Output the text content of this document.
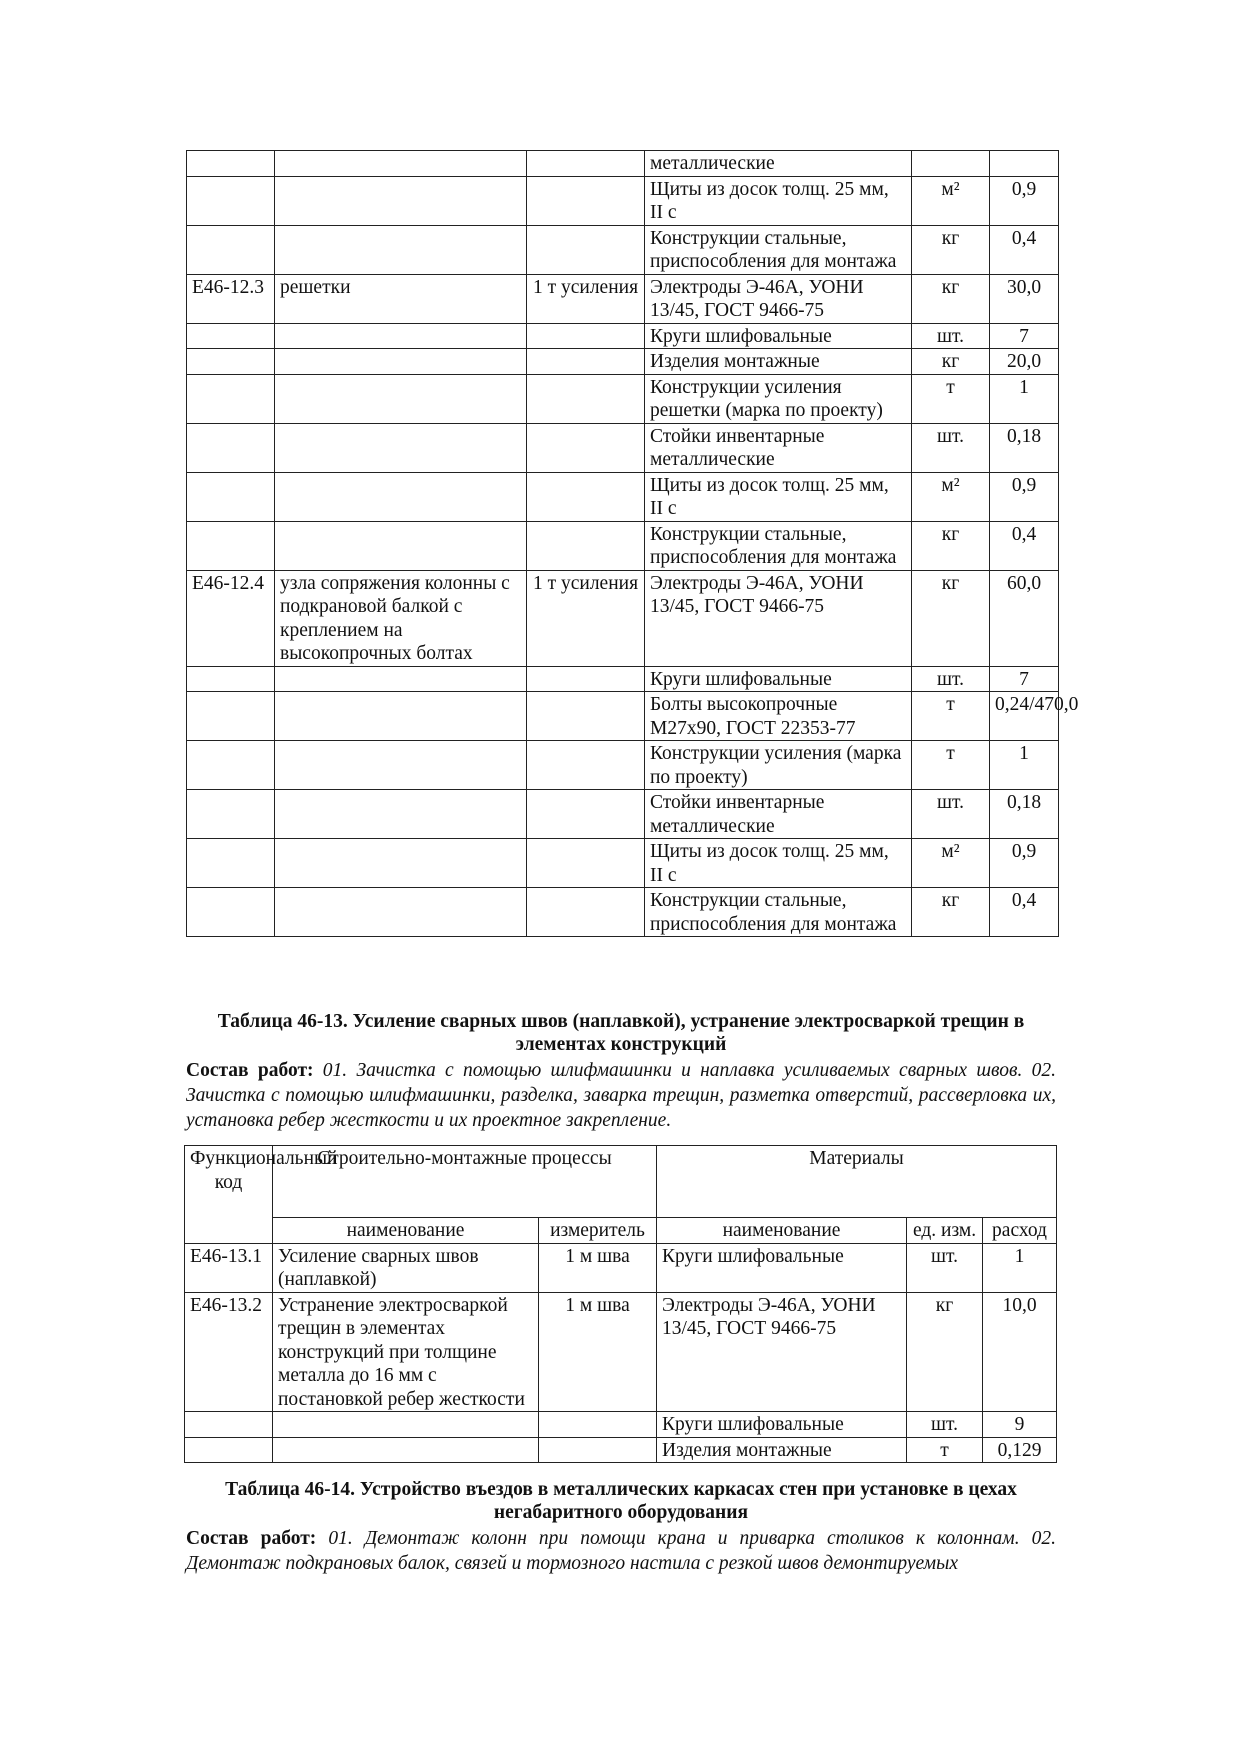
			металлические		
			Щиты из досок толщ. 25 мм, II с	м²	0,9
			Конструкции стальные, приспособления для монтажа	кг	0,4
Е46-12.3	решетки	1 т усиления	Электроды Э-46А, УОНИ 13/45, ГОСТ 9466-75	кг	30,0
			Круги шлифовальные	шт.	7
			Изделия монтажные	кг	20,0
			Конструкции усиления решетки (марка по проекту)	т	1
			Стойки инвентарные металлические	шт.	0,18
			Щиты из досок толщ. 25 мм, II с	м²	0,9
			Конструкции стальные, приспособления для монтажа	кг	0,4
Е46-12.4	узла сопряжения колонны с подкрановой балкой с креплением на высокопрочных болтах	1 т усиления	Электроды Э-46А, УОНИ 13/45, ГОСТ 9466-75	кг	60,0
			Круги шлифовальные	шт.	7
			Болты высокопрочные М27х90, ГОСТ 22353-77	т	0,24/470,0
			Конструкции усиления (марка по проекту)	т	1
			Стойки инвентарные металлические	шт.	0,18
			Щиты из досок толщ. 25 мм, II с	м²	0,9
			Конструкции стальные, приспособления для монтажа	кг	0,4
Таблица 46-13. Усиление сварных швов (наплавкой), устранение электросваркой трещин в элементах конструкций
Состав работ: 01. Зачистка с помощью шлифмашинки и наплавка усиливаемых сварных швов. 02. Зачистка с помощью шлифмашинки, разделка, заварка трещин, разметка отверстий, рассверловка их, установка ребер жесткости и их проектное закрепление.
Функциональный код	Строительно-монтажные процессы		Материалы		
	наименование	измеритель	наименование	ед. изм.	расход
Е46-13.1	Усиление сварных швов (наплавкой)	1 м шва	Круги шлифовальные	шт.	1
Е46-13.2	Устранение электросваркой трещин в элементах конструкций при толщине металла до 16 мм с постановкой ребер жесткости	1 м шва	Электроды Э-46А, УОНИ 13/45, ГОСТ 9466-75	кг	10,0
			Круги шлифовальные	шт.	9
			Изделия монтажные	т	0,129
Таблица 46-14. Устройство въездов в металлических каркасах стен при установке в цехах негабаритного оборудования
Состав работ: 01. Демонтаж колонн при помощи крана и приварка столиков к колоннам. 02. Демонтаж подкрановых балок, связей и тормозного настила с резкой швов демонтируемых
